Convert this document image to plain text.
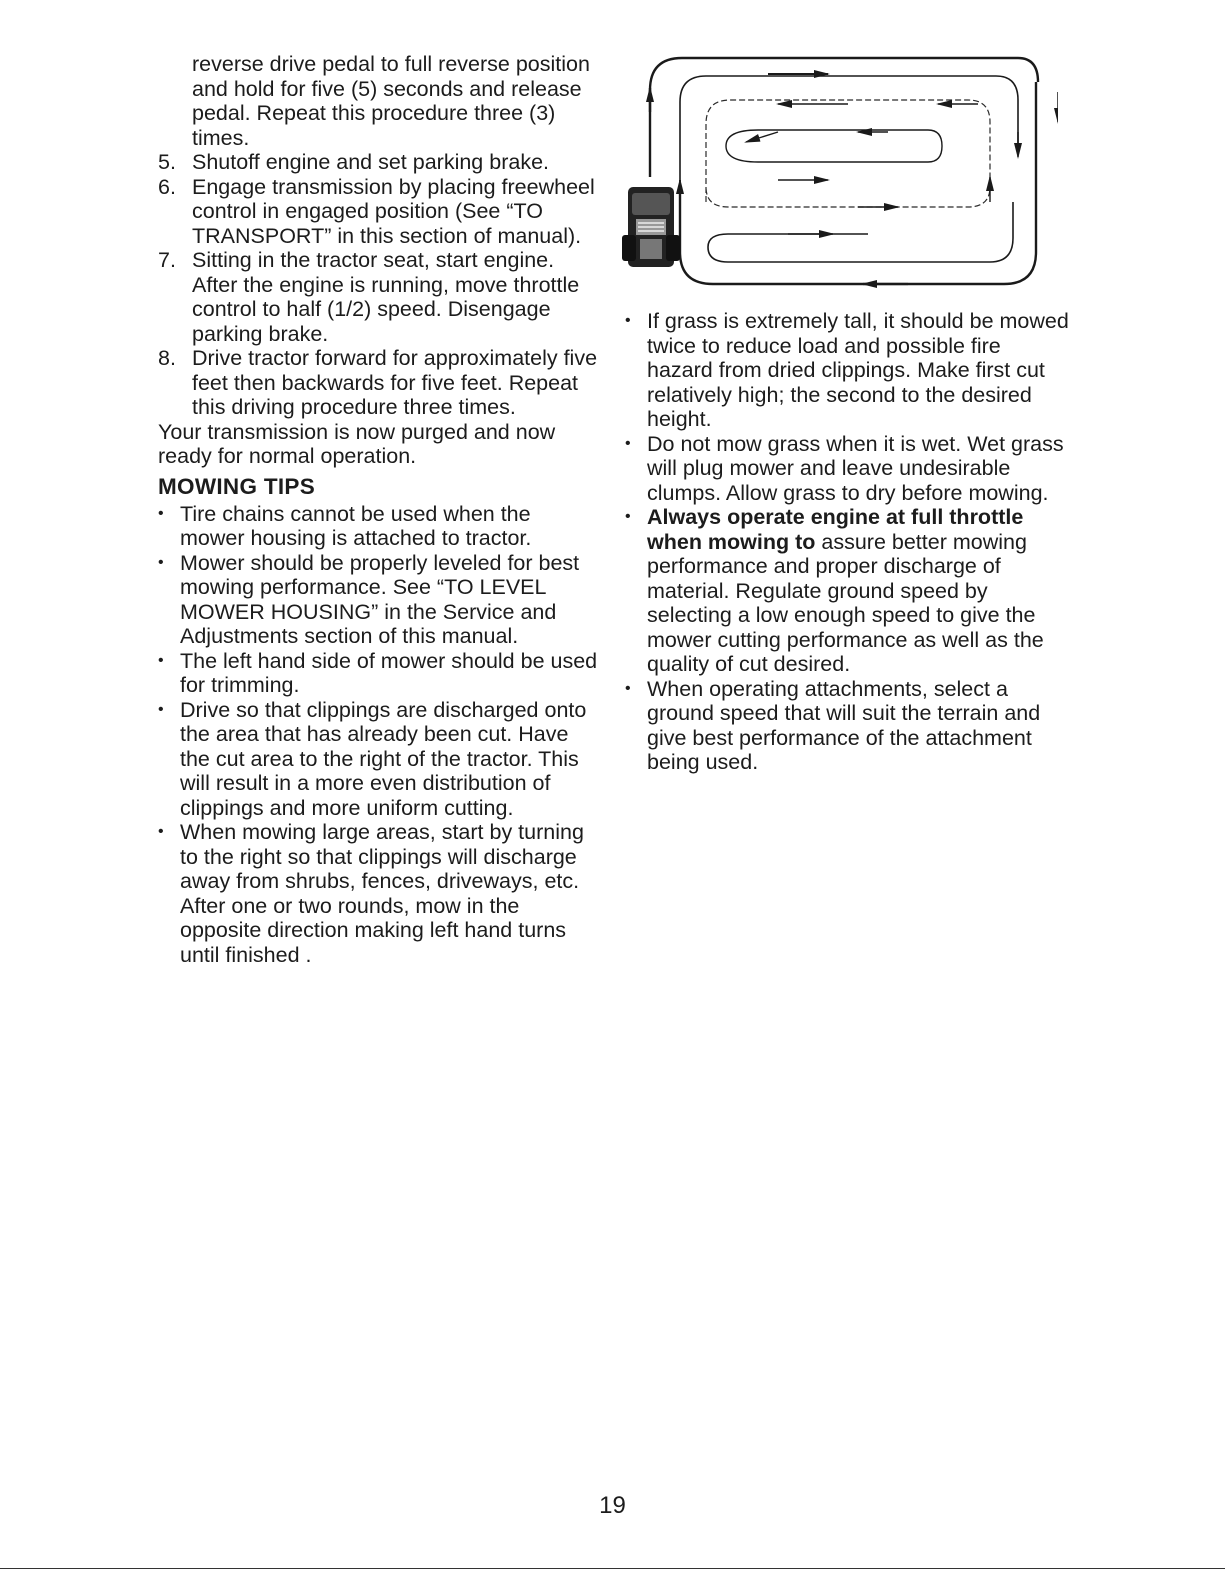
reverse drive pedal to full reverse position and hold for five (5) seconds and release pedal. Repeat this procedure three (3) times.
5. Shutoff engine and set parking brake.
6. Engage transmission by placing freewheel control in engaged position (See “TO TRANSPORT” in this section of manual).
7. Sitting in the tractor seat, start engine. After the engine is running, move throttle control to half (1/2) speed. Disengage parking brake.
8. Drive tractor forward for approximately five feet then backwards for five feet. Repeat this driving procedure three times.
Your transmission is now purged and now ready for normal operation.
MOWING TIPS
• Tire chains cannot be used when the mower housing is attached to tractor.
• Mower should be properly leveled for best mowing performance. See “TO LEVEL MOWER HOUSING” in the Service and Adjustments section of this manual.
• The left hand side of mower should be used for trimming.
• Drive so that clippings are discharged onto the area that has already been cut. Have the cut area to the right of the tractor. This will result in a more even distribution of clippings and more uniform cutting.
• When mowing large areas, start by turning to the right so that clippings will discharge away from shrubs, fences, driveways, etc. After one or two rounds, mow in the opposite direction making left hand turns until finished .
• If grass is extremely tall, it should be mowed twice to reduce load and possible fire hazard from dried clippings. Make first cut relatively high; the second to the desired height.
• Do not mow grass when it is wet. Wet grass will plug mower and leave undesirable clumps. Allow grass to dry before mowing.
• Always operate engine at full throttle when mowing to assure better mowing performance and proper discharge of material. Regulate ground speed by selecting a low enough speed to give the mower cutting performance as well as the quality of cut desired.
• When operating attachments, select a ground speed that will suit the terrain and give best performance of the attachment being used.
19
